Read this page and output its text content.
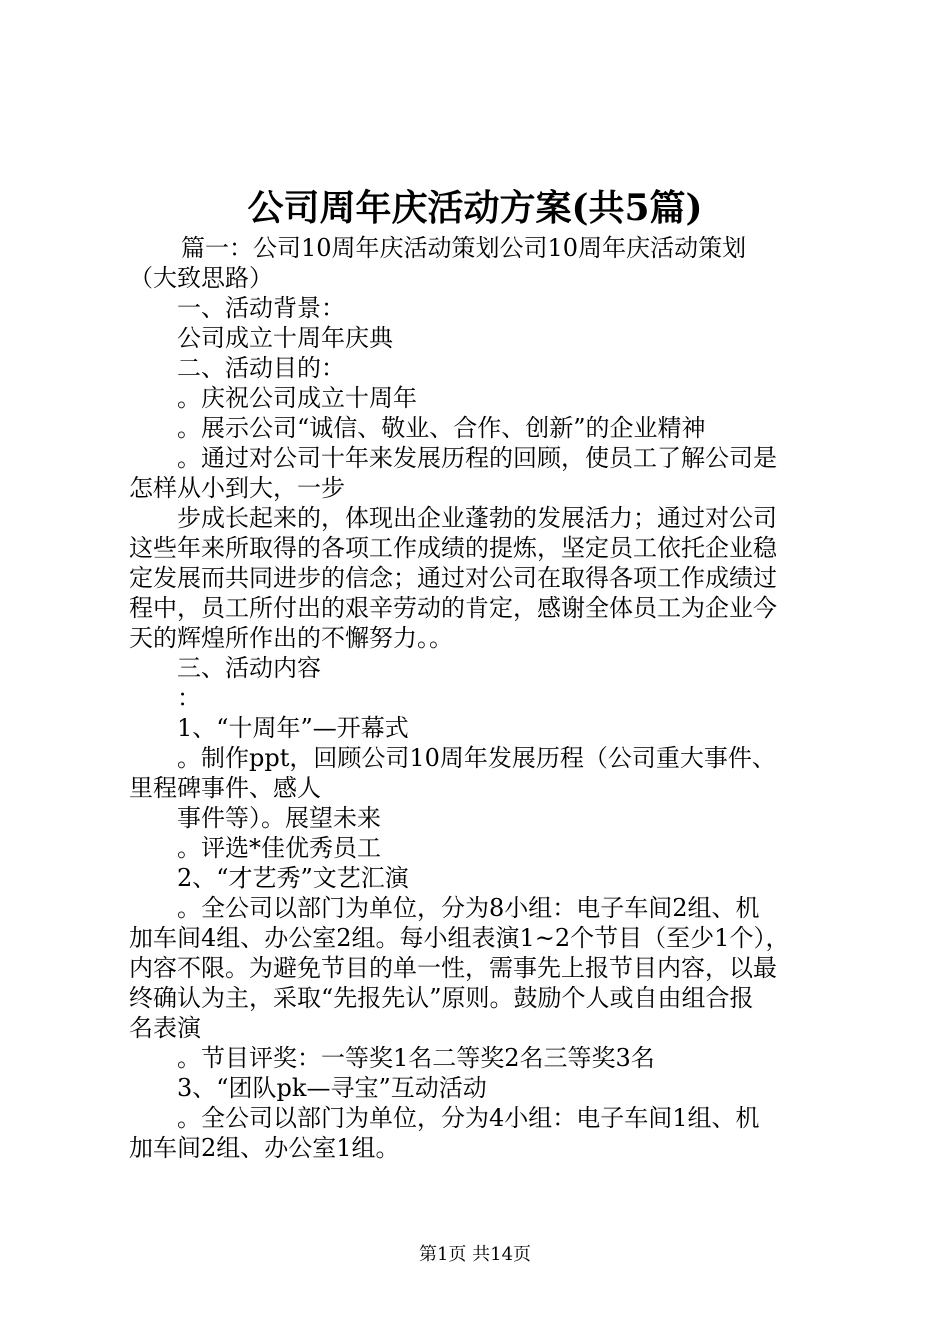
公司周年庆活动方案(共5篇)
篇一：公司10周年庆活动策划公司10周年庆活动策划
（大致思路）
一、活动背景：
公司成立十周年庆典
二、活动目的：
。庆祝公司成立十周年
。展示公司“诚信、敬业、合作、创新”的企业精神
。通过对公司十年来发展历程的回顾，使员工了解公司是
怎样从小到大，一步
步成长起来的，体现出企业蓬勃的发展活力；通过对公司
这些年来所取得的各项工作成绩的提炼，坚定员工依托企业稳
定发展而共同进步的信念；通过对公司在取得各项工作成绩过
程中，员工所付出的艰辛劳动的肯定，感谢全体员工为企业今
天的辉煌所作出的不懈努力。。
三、活动内容
：
1、“十周年”—开幕式
。制作ppt，回顾公司10周年发展历程（公司重大事件、
里程碑事件、感人
事件等）。展望未来
。评选*佳优秀员工
2、“才艺秀”文艺汇演
。全公司以部门为单位，分为8小组：电子车间2组、机
加车间4组、办公室2组。每小组表演1~2个节目（至少1个），
内容不限。为避免节目的单一性，需事先上报节目内容，以最
终确认为主，采取“先报先认”原则。鼓励个人或自由组合报
名表演
。节目评奖：一等奖1名二等奖2名三等奖3名
3、“团队pk—寻宝”互动活动
。全公司以部门为单位，分为4小组：电子车间1组、机
加车间2组、办公室1组。
第1页 共14页
